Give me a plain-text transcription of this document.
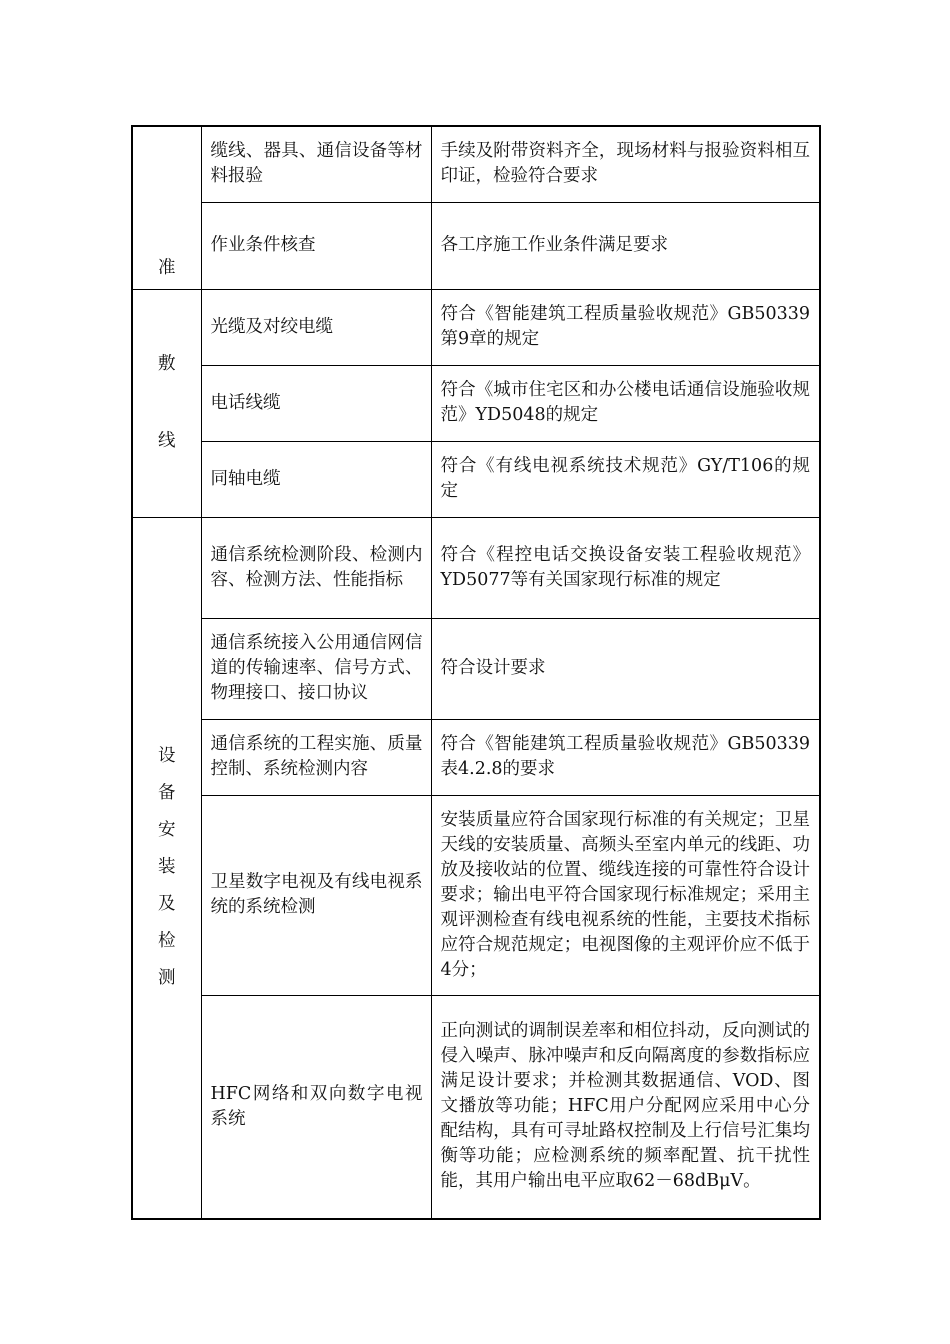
准	缆线、器具、通信设备等材料报验	手续及附带资料齐全，现场材料与报验资料相互印证，检验符合要求
	作业条件核查	各工序施工作业条件满足要求
敷线	光缆及对绞电缆	符合《智能建筑工程质量验收规范》GB50339第9章的规定
	电话线缆	符合《城市住宅区和办公楼电话通信设施验收规范》YD5048的规定
	同轴电缆	符合《有线电视系统技术规范》GY/T106的规定
设备安装及检测	通信系统检测阶段、检测内容、检测方法、性能指标	符合《程控电话交换设备安装工程验收规范》YD5077等有关国家现行标准的规定
	通信系统接入公用通信网信道的传输速率、信号方式、物理接口、接口协议	符合设计要求
	通信系统的工程实施、质量控制、系统检测内容	符合《智能建筑工程质量验收规范》GB50339表4.2.8的要求
	卫星数字电视及有线电视系统的系统检测	安装质量应符合国家现行标准的有关规定；卫星天线的安装质量、高频头至室内单元的线距、功放及接收站的位置、缆线连接的可靠性符合设计要求；输出电平符合国家现行标准规定；采用主观评测检查有线电视系统的性能，主要技术指标应符合规范规定；电视图像的主观评价应不低于4分；
	HFC网络和双向数字电视系统	正向测试的调制误差率和相位抖动，反向测试的侵入噪声、脉冲噪声和反向隔离度的参数指标应满足设计要求；并检测其数据通信、VOD、图文播放等功能；HFC用户分配网应采用中心分配结构，具有可寻址路权控制及上行信号汇集均衡等功能；应检测系统的频率配置、抗干扰性能，其用户输出电平应取62－68dBμV。
